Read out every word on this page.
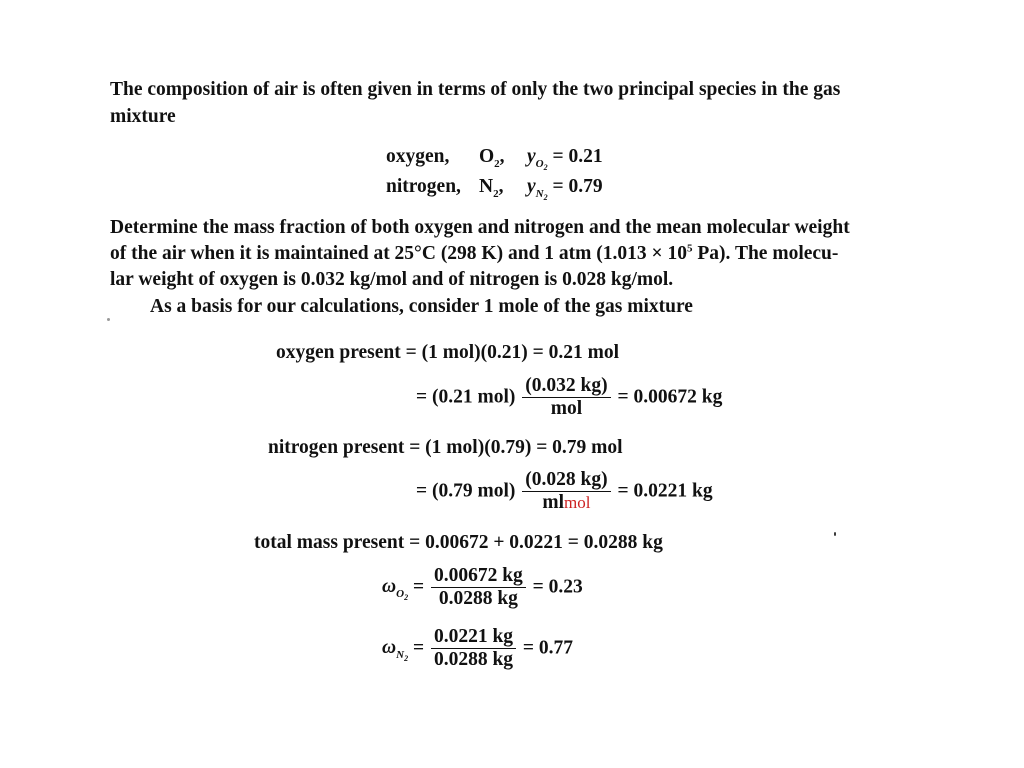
The composition of air is often given in terms of only the two principal species in the gas
mixture
oxygen, $O_2$, $y_{O_2} = 0.21$
nitrogen, $N_2$, $y_{N_2} = 0.79$
Determine the mass fraction of both oxygen and nitrogen and the mean molecular weight
of the air when it is maintained at 25°C (298 K) and 1 atm ($1.013 \times 10^5$ Pa). The molecu-
lar weight of oxygen is 0.032 kg/mol and of nitrogen is 0.028 kg/mol.
As a basis for our calculations, consider 1 mole of the gas mixture
oxygen present = (1 mol)(0.21) = 0.21 mol
= (0.21 $mol) \frac{(0.032 kg)}{\text{mol}} = 0.00672$ kg
nitrogen present = (1 mol)(0.79) = 0.79 mol
= (0.79 $mol) \frac{(0.028 kg)}{\text{mlmol}} = 0.0221$ kg
total mass present = 0.00672 + 0.0221 = 0.0288 kg
$\omega_{O_2} = \frac{0.00672 kg}{0.0288 kg} = 0.23$
$\omega_{N_2} = \frac{0.0221 kg}{0.0288 kg} = 0.77$
